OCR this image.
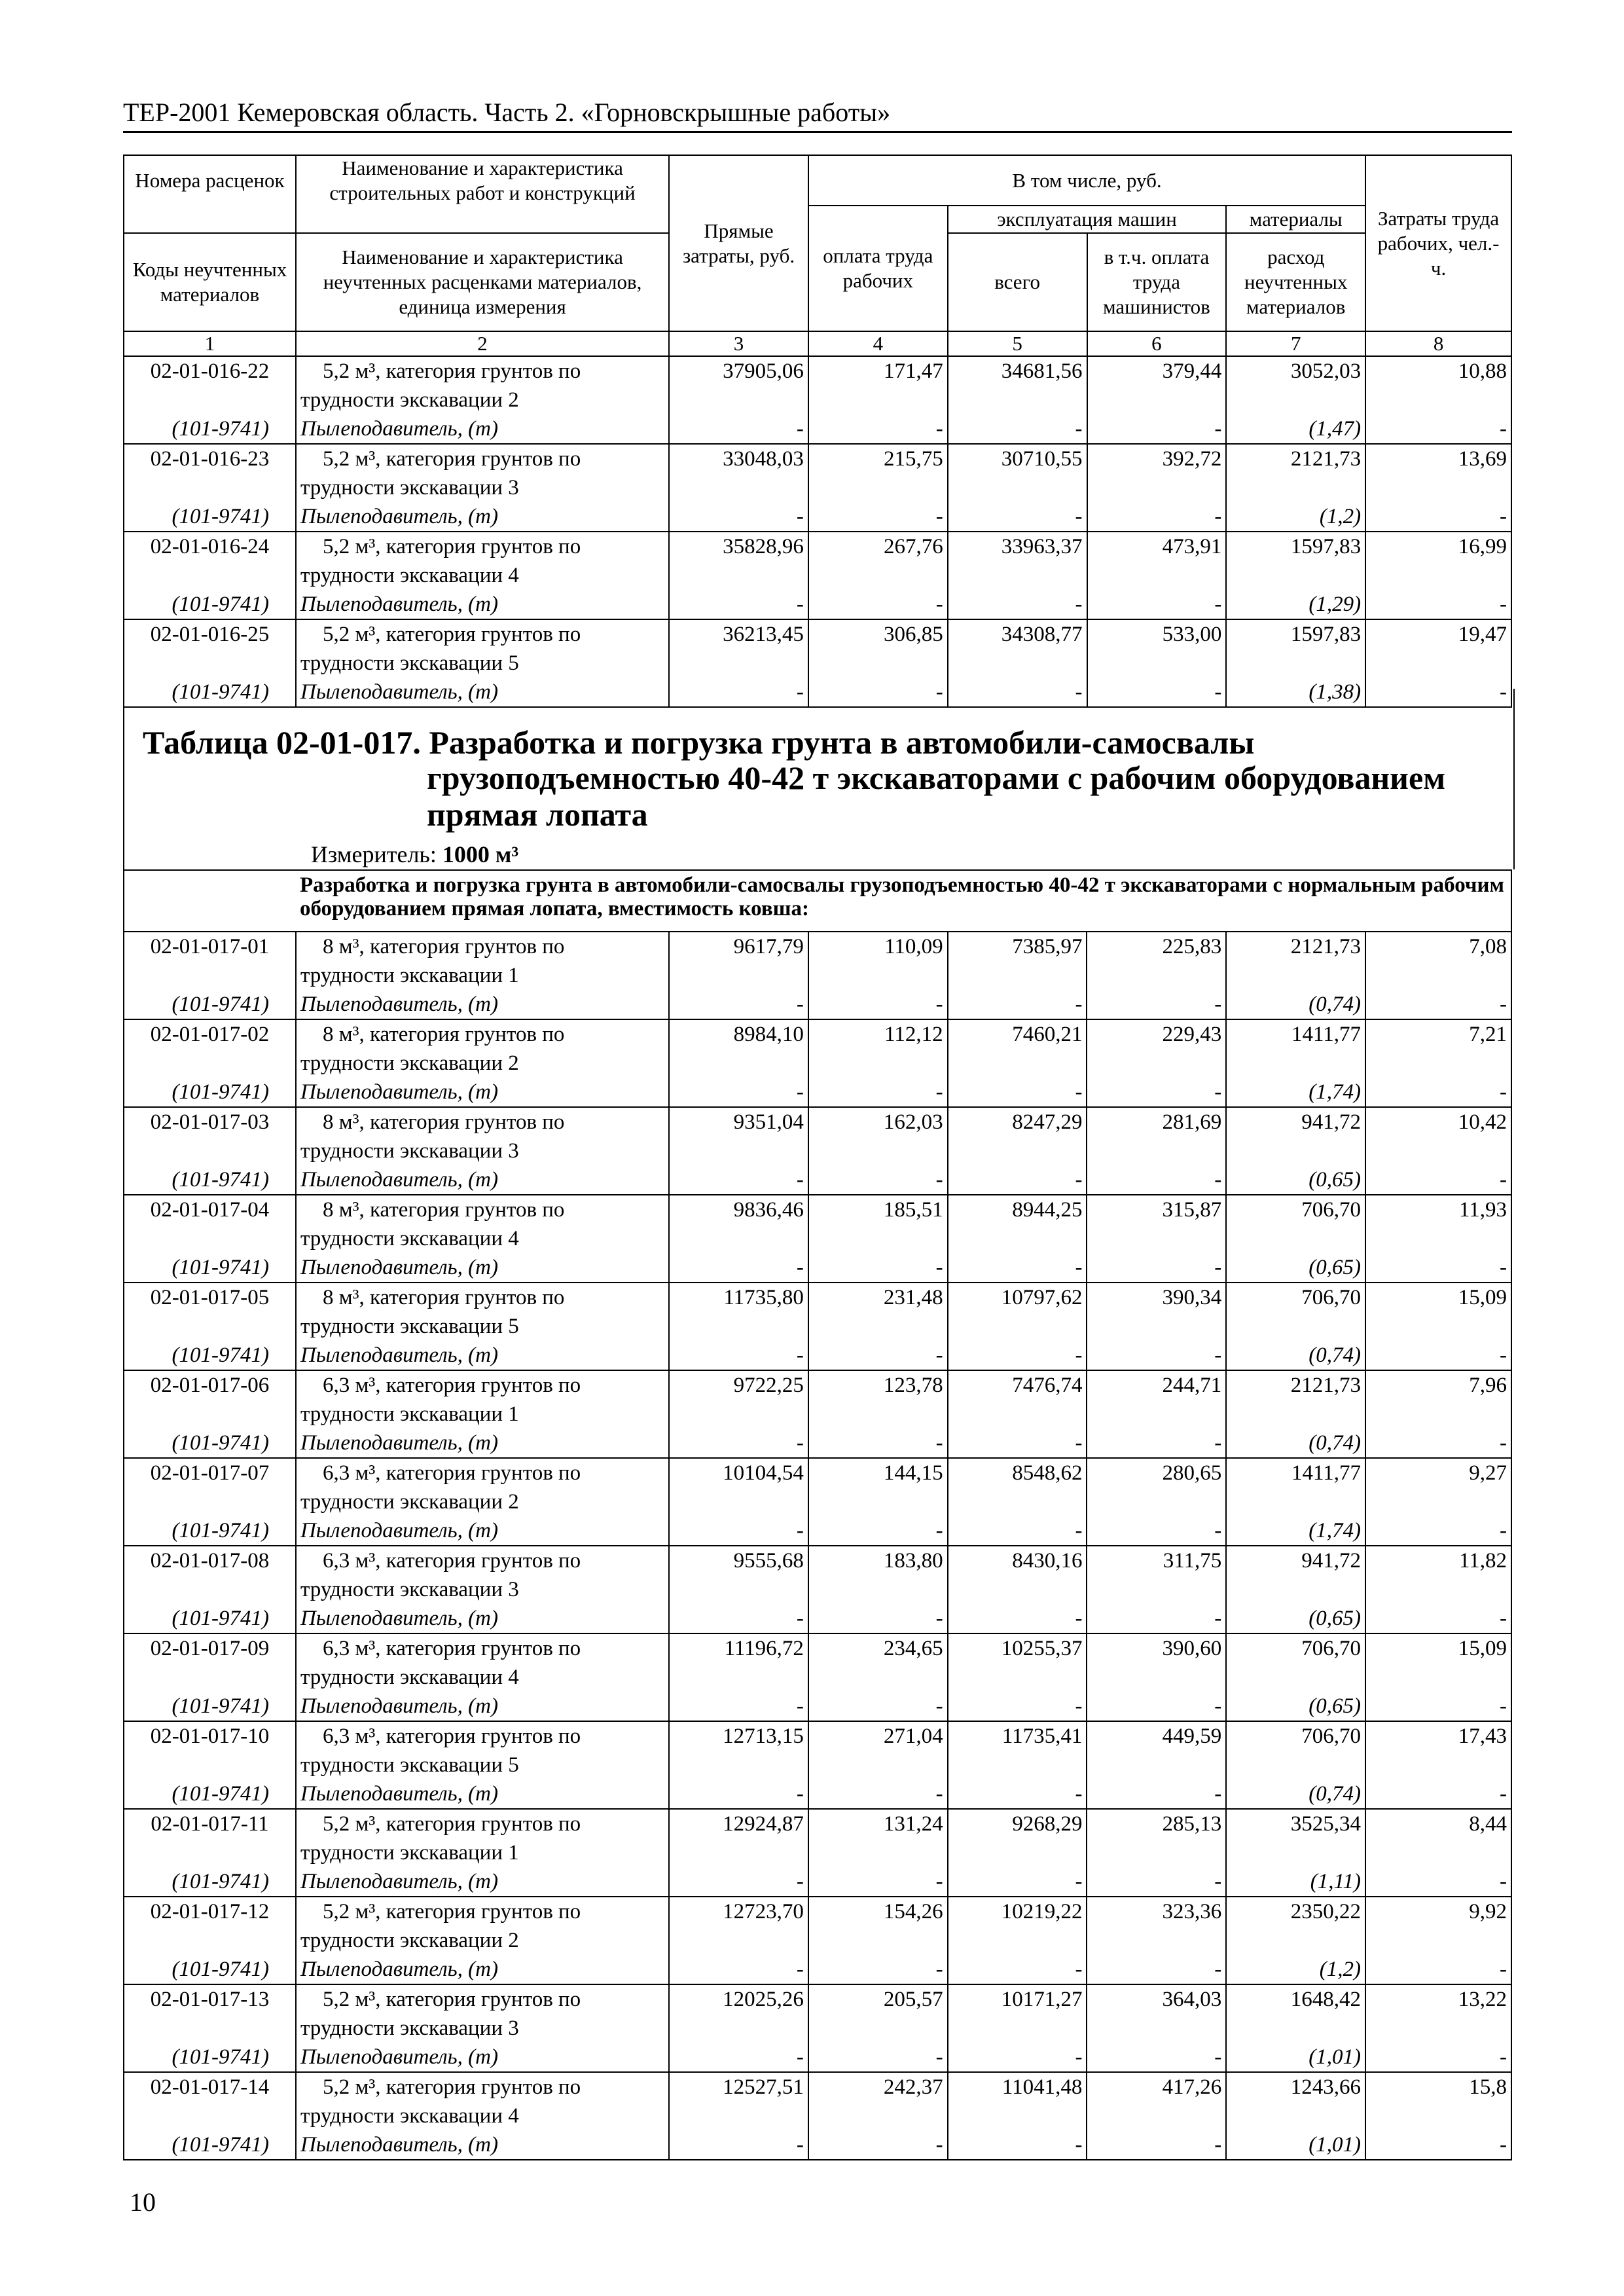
ТЕР-2001 Кемеровская область. Часть 2. «Горновскрышные работы»
Номера расценок	Наименование и характеристика строительных работ и конструкций	Прямые затраты, руб.	В том числе, руб.				Затраты труда рабочих, чел.-ч.
			оплата труда рабочих	эксплуатация машин		материалы	
Коды неучтенных материалов	Наименование и характеристика неучтенных расценками материалов, единица измерения			всего	в т.ч. оплата труда машинистов	расход неучтенных материалов	
1	2	3	4	5	6	7	8
02-01-016-22	5,2 м³, категория грунтов по	37905,06	171,47	34681,56	379,44	3052,03	10,88
	трудности экскавации 2						
(101-9741)	Пылеподавитель, (т)	-	-	-	-	(1,47)	-
02-01-016-23	5,2 м³, категория грунтов по	33048,03	215,75	30710,55	392,72	2121,73	13,69
	трудности экскавации 3						
(101-9741)	Пылеподавитель, (т)	-	-	-	-	(1,2)	-
02-01-016-24	5,2 м³, категория грунтов по	35828,96	267,76	33963,37	473,91	1597,83	16,99
	трудности экскавации 4						
(101-9741)	Пылеподавитель, (т)	-	-	-	-	(1,29)	-
02-01-016-25	5,2 м³, категория грунтов по	36213,45	306,85	34308,77	533,00	1597,83	19,47
	трудности экскавации 5						
(101-9741)	Пылеподавитель, (т)	-	-	-	-	(1,38)	-
Таблица 02-01-017. Разработка и погрузка грунта в автомобили-самосвалы
грузоподъемностью 40-42 т экскаваторами с рабочим оборудованием прямая лопата
Измеритель: 1000 м³
	Разработка и погрузка грунта в автомобили-самосвалы грузоподъемностью 40-42 т экскаваторами с нормальным рабочим оборудованием прямая лопата, вместимость ковша:						
02-01-017-01	8 м³, категория грунтов по	9617,79	110,09	7385,97	225,83	2121,73	7,08
	трудности экскавации 1						
(101-9741)	Пылеподавитель, (т)	-	-	-	-	(0,74)	-
02-01-017-02	8 м³, категория грунтов по	8984,10	112,12	7460,21	229,43	1411,77	7,21
	трудности экскавации 2						
(101-9741)	Пылеподавитель, (т)	-	-	-	-	(1,74)	-
02-01-017-03	8 м³, категория грунтов по	9351,04	162,03	8247,29	281,69	941,72	10,42
	трудности экскавации 3						
(101-9741)	Пылеподавитель, (т)	-	-	-	-	(0,65)	-
02-01-017-04	8 м³, категория грунтов по	9836,46	185,51	8944,25	315,87	706,70	11,93
	трудности экскавации 4						
(101-9741)	Пылеподавитель, (т)	-	-	-	-	(0,65)	-
02-01-017-05	8 м³, категория грунтов по	11735,80	231,48	10797,62	390,34	706,70	15,09
	трудности экскавации 5						
(101-9741)	Пылеподавитель, (т)	-	-	-	-	(0,74)	-
02-01-017-06	6,3 м³, категория грунтов по	9722,25	123,78	7476,74	244,71	2121,73	7,96
	трудности экскавации 1						
(101-9741)	Пылеподавитель, (т)	-	-	-	-	(0,74)	-
02-01-017-07	6,3 м³, категория грунтов по	10104,54	144,15	8548,62	280,65	1411,77	9,27
	трудности экскавации 2						
(101-9741)	Пылеподавитель, (т)	-	-	-	-	(1,74)	-
02-01-017-08	6,3 м³, категория грунтов по	9555,68	183,80	8430,16	311,75	941,72	11,82
	трудности экскавации 3						
(101-9741)	Пылеподавитель, (т)	-	-	-	-	(0,65)	-
02-01-017-09	6,3 м³, категория грунтов по	11196,72	234,65	10255,37	390,60	706,70	15,09
	трудности экскавации 4						
(101-9741)	Пылеподавитель, (т)	-	-	-	-	(0,65)	-
02-01-017-10	6,3 м³, категория грунтов по	12713,15	271,04	11735,41	449,59	706,70	17,43
	трудности экскавации 5						
(101-9741)	Пылеподавитель, (т)	-	-	-	-	(0,74)	-
02-01-017-11	5,2 м³, категория грунтов по	12924,87	131,24	9268,29	285,13	3525,34	8,44
	трудности экскавации 1						
(101-9741)	Пылеподавитель, (т)	-	-	-	-	(1,11)	-
02-01-017-12	5,2 м³, категория грунтов по	12723,70	154,26	10219,22	323,36	2350,22	9,92
	трудности экскавации 2						
(101-9741)	Пылеподавитель, (т)	-	-	-	-	(1,2)	-
02-01-017-13	5,2 м³, категория грунтов по	12025,26	205,57	10171,27	364,03	1648,42	13,22
	трудности экскавации 3						
(101-9741)	Пылеподавитель, (т)	-	-	-	-	(1,01)	-
02-01-017-14	5,2 м³, категория грунтов по	12527,51	242,37	11041,48	417,26	1243,66	15,8
	трудности экскавации 4						
(101-9741)	Пылеподавитель, (т)	-	-	-	-	(1,01)	-
10
